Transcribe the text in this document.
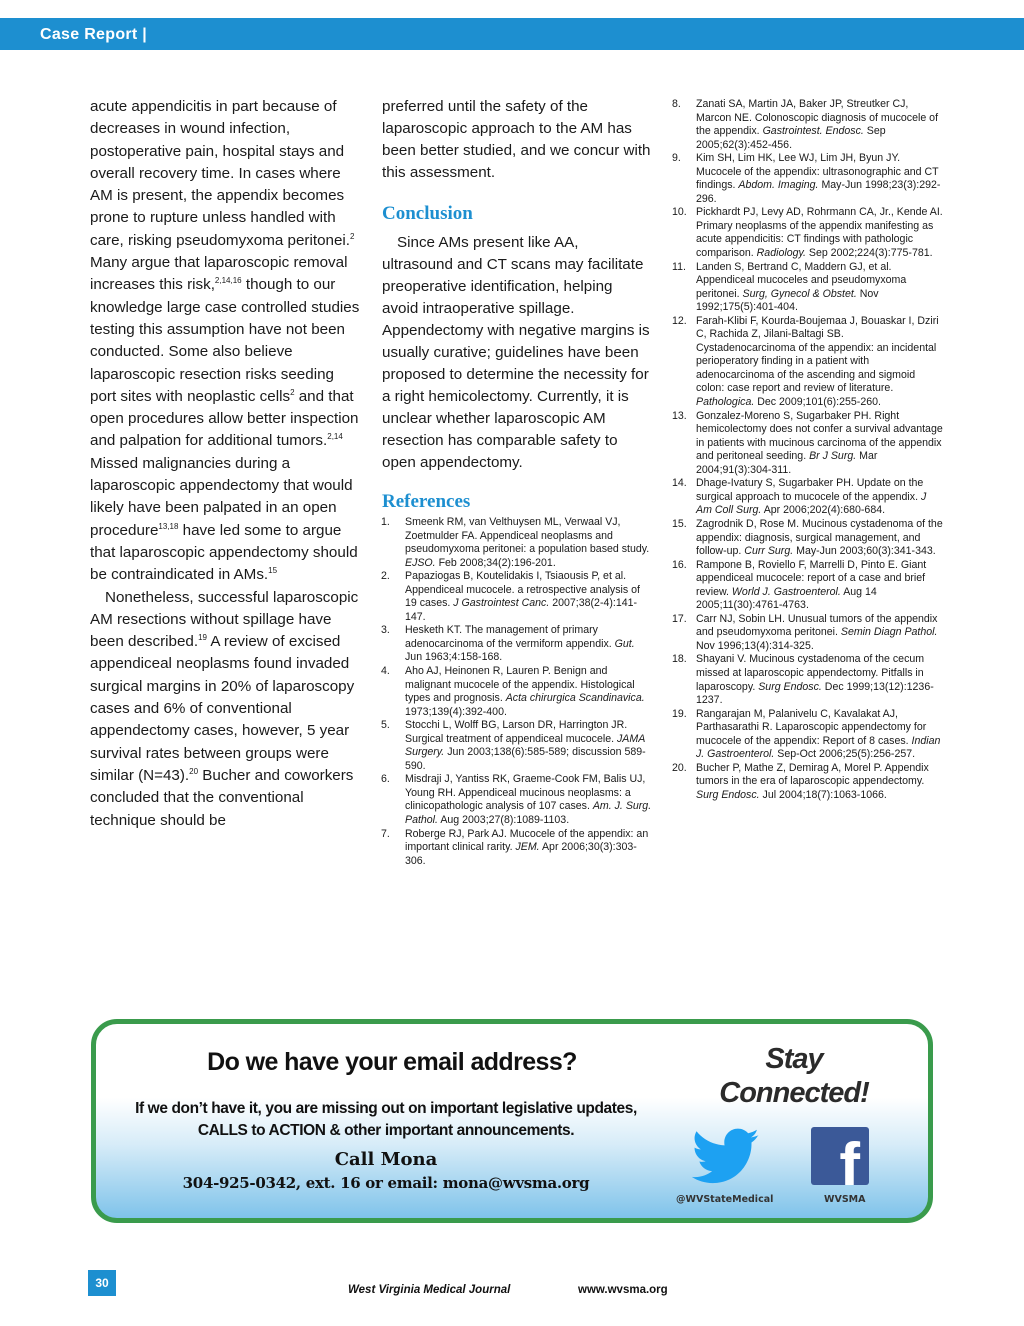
Case Report |

acute appendicitis in part because of decreases in wound infection, postoperative pain, hospital stays and overall recovery time. In cases where AM is present, the appendix becomes prone to rupture unless handled with care, risking pseudomyxoma peritonei.$^2$ Many argue that laparoscopic removal increases this risk,$^{2,14,16}$ though to our knowledge large case controlled studies testing this assumption have not been conducted. Some also believe laparoscopic resection risks seeding port sites with neoplastic cells$^2$ and that open procedures allow better inspection and palpation for additional tumors.$^{2,14}$ Missed malignancies during a laparoscopic appendectomy that would likely have been palpated in an open procedure$^{13,18}$ have led some to argue that laparoscopic appendectomy should be contraindicated in AMs.$^{15}$

Nonetheless, successful laparoscopic AM resections without spillage have been described.$^{19}$ A review of excised appendiceal neoplasms found invaded surgical margins in 20% of laparoscopy cases and 6% of conventional appendectomy cases, however, 5 year survival rates between groups were similar (N=43).$^{20}$ Bucher and coworkers concluded that the conventional technique should be

preferred until the safety of the laparoscopic approach to the AM has been better studied, and we concur with this assessment.

Conclusion

Since AMs present like AA, ultrasound and CT scans may facilitate preoperative identification, helping avoid intraoperative spillage. Appendectomy with negative margins is usually curative; guidelines have been proposed to determine the necessity for a right hemicolectomy. Currently, it is unclear whether laparoscopic AM resection has comparable safety to open appendectomy.

References
1. Smeenk RM, van Velthuysen ML, Verwaal VJ, Zoetmulder FA. Appendiceal neoplasms and pseudomyxoma peritonei: a population based study. EJSO. Feb 2008;34(2):196-201.
2. Papaziogas B, Koutelidakis I, Tsiaousis P, et al. Appendiceal mucocele. a retrospective analysis of 19 cases. J Gastrointest Canc. 2007;38(2-4):141-147.
3. Hesketh KT. The management of primary adenocarcinoma of the vermiform appendix. Gut. Jun 1963;4:158-168.
4. Aho AJ, Heinonen R, Lauren P. Benign and malignant mucocele of the appendix. Histological types and prognosis. Acta chirurgica Scandinavica. 1973;139(4):392-400.
5. Stocchi L, Wolff BG, Larson DR, Harrington JR. Surgical treatment of appendiceal mucocele. JAMA Surgery. Jun 2003;138(6):585-589; discussion 589-590.
6. Misdraji J, Yantiss RK, Graeme-Cook FM, Balis UJ, Young RH. Appendiceal mucinous neoplasms: a clinicopathologic analysis of 107 cases. Am. J. Surg. Pathol. Aug 2003;27(8):1089-1103.
7. Roberge RJ, Park AJ. Mucocele of the appendix: an important clinical rarity. JEM. Apr 2006;30(3):303-306.
8. Zanati SA, Martin JA, Baker JP, Streutker CJ, Marcon NE. Colonoscopic diagnosis of mucocele of the appendix. Gastrointest. Endosc. Sep 2005;62(3):452-456.
9. Kim SH, Lim HK, Lee WJ, Lim JH, Byun JY. Mucocele of the appendix: ultrasonographic and CT findings. Abdom. Imaging. May-Jun 1998;23(3):292-296.
10. Pickhardt PJ, Levy AD, Rohrmann CA, Jr., Kende AI. Primary neoplasms of the appendix manifesting as acute appendicitis: CT findings with pathologic comparison. Radiology. Sep 2002;224(3):775-781.
11. Landen S, Bertrand C, Maddern GJ, et al. Appendiceal mucoceles and pseudomyxoma peritonei. Surg, Gynecol & Obstet. Nov 1992;175(5):401-404.
12. Farah-Klibi F, Kourda-Boujemaa J, Bouaskar I, Dziri C, Rachida Z, Jilani-Baltagi SB. Cystadenocarcinoma of the appendix: an incidental perioperatory finding in a patient with adenocarcinoma of the ascending and sigmoid colon: case report and review of literature. Pathologica. Dec 2009;101(6):255-260.
13. Gonzalez-Moreno S, Sugarbaker PH. Right hemicolectomy does not confer a survival advantage in patients with mucinous carcinoma of the appendix and peritoneal seeding. Br J Surg. Mar 2004;91(3):304-311.
14. Dhage-Ivatury S, Sugarbaker PH. Update on the surgical approach to mucocele of the appendix. J Am Coll Surg. Apr 2006;202(4):680-684.
15. Zagrodnik D, Rose M. Mucinous cystadenoma of the appendix: diagnosis, surgical management, and follow-up. Curr Surg. May-Jun 2003;60(3):341-343.
16. Rampone B, Roviello F, Marrelli D, Pinto E. Giant appendiceal mucocele: report of a case and brief review. World J. Gastroenterol. Aug 14 2005;11(30):4761-4763.
17. Carr NJ, Sobin LH. Unusual tumors of the appendix and pseudomyxoma peritonei. Semin Diagn Pathol. Nov 1996;13(4):314-325.
18. Shayani V. Mucinous cystadenoma of the cecum missed at laparoscopic appendectomy. Pitfalls in laparoscopy. Surg Endosc. Dec 1999;13(12):1236-1237.
19. Rangarajan M, Palanivelu C, Kavalakat AJ, Parthasarathi R. Laparoscopic appendectomy for mucocele of the appendix: Report of 8 cases. Indian J. Gastroenterol. Sep-Oct 2006;25(5):256-257.
20. Bucher P, Mathe Z, Demirag A, Morel P. Appendix tumors in the era of laparoscopic appendectomy. Surg Endosc. Jul 2004;18(7):1063-1066.
Do we have your email address?
If we don’t have it, you are missing out on important legislative updates,
CALLS to ACTION & other important announcements.
Call Mona
304-925-0342, ext. 16 or email: mona@wvsma.org
Stay
Connected!
f
@WVStateMedical	WVSMA
30	West Virginia Medical Journal	www.wvsma.org
